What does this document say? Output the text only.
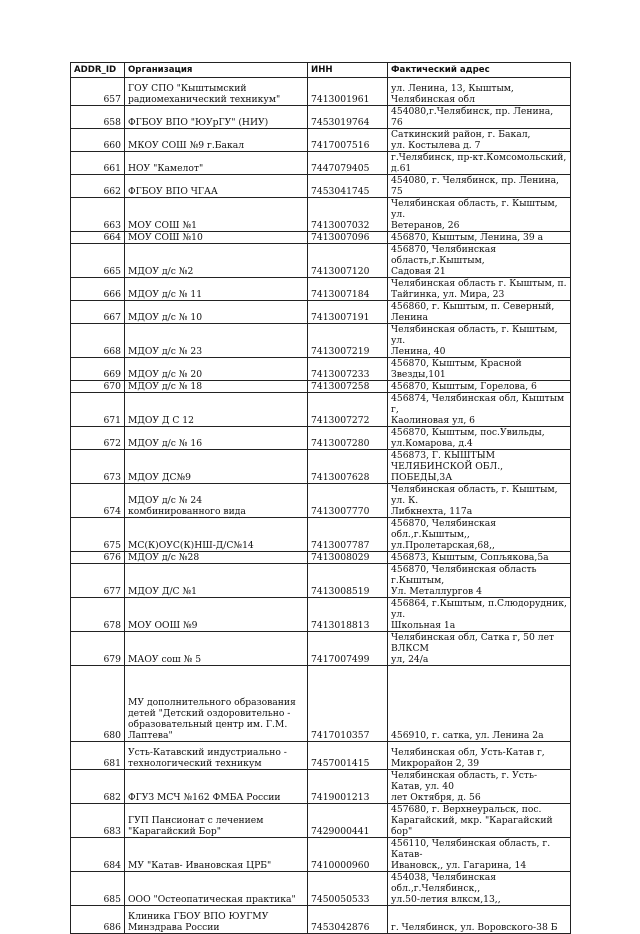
ADDR_ID	Организация	ИНН	Фактический адрес

657	ГОУ СПО "Кыштымский
радиомеханический техникум"	7413001961	ул. Ленина, 13, Кыштым, Челябинская обл

658	ФГБОУ ВПО "ЮУрГУ" (НИУ)	7453019764	454080,г.Челябинск, пр. Ленина, 76

660	МКОУ СОШ №9 г.Бакал	7417007516	Саткинский район, г. Бакал,
ул. Костылева д. 7

661	НОУ "Камелот"	7447079405	г.Челябинск, пр-кт.Комсомольский, д.61

662	ФГБОУ ВПО ЧГАА	7453041745	454080, г. Челябинск, пр. Ленина, 75

663	МОУ СОШ №1	7413007032	Челябинская область, г. Кыштым, ул.
Ветеранов, 26

664	МОУ СОШ №10	7413007096	456870, Кыштым, Ленина, 39 а

665	МДОУ д/с №2	7413007120	456870, Челябинская область,г.Кыштым,
Садовая 21

666	МДОУ д/с № 11	7413007184	Челябинская область г. Кыштым, п.
Тайгинка, ул. Мира, 23

667	МДОУ д/с № 10	7413007191	456860, г. Кыштым, п. Северный, Ленина

668	МДОУ д/с № 23	7413007219	Челябинская область, г. Кыштым, ул.
Ленина, 40

669	МДОУ д/с № 20	7413007233	456870, Кыштым, Красной Звезды,101

670	МДОУ д/с № 18	7413007258	456870, Кыштым, Горелова, 6

671	МДОУ Д С 12	7413007272	456874, Челябинская обл, Кыштым г,
Каолиновая ул, 6

672	МДОУ д/с № 16	7413007280	456870, Кыштым, пос.Увильды,
ул.Комарова, д.4

673	МДОУ ДС№9	7413007628	456873, Г. КЫШТЫМ ЧЕЛЯБИНСКОЙ ОБЛ.,
ПОБЕДЫ,3А

674	МДОУ д/с № 24
комбинированного вида	7413007770	Челябинская область, г. Кыштым, ул. К.
Либкнехта, 117а

675	МС(К)ОУС(К)НШ-Д/С№14	7413007787	456870, Челябинская обл.,г.Кыштым,,
ул.Пролетарская,68,,

676	МДОУ д/с №28	7413008029	456873, Кыштым, Сопљякова,5а

677	МДОУ Д/С №1	7413008519	456870, Челябинская область г.Кыштым,
Ул. Металлургов 4

678	МОУ ООШ №9	7413018813	456864, г.Кыштым, п.Слюдорудник, ул.
Школьная 1а

679	МАОУ сош № 5	7417007499	Челябинская обл, Сатка г, 50 лет ВЛКСМ
ул, 24/а

680	МУ дополнительного образования
детей "Детский оздоровительно -
образовательный центр им. Г.М.
Лаптева"	7417010357	456910, г. сатка, ул. Ленина 2а

681	Усть-Катавский индустриально -
технологический техникум	7457001415	Челябинская обл, Усть-Катав г,
Микрорайон 2, 39

682	ФГУЗ МСЧ №162 ФМБА России	7419001213	Челябинская область, г. Усть-Катав, ул. 40
лет Октября, д. 56

683	ГУП Пансионат с лечением
"Карагайский Бор"	7429000441	457680, г. Верхнеуральск, пос.
Карагайский, мкр. "Карагайский бор"

684	МУ "Катав- Ивановская ЦРБ"	7410000960	456110, Челябинская область, г. Катав-
Ивановск,, ул. Гагарина, 14

685	ООО "Остеопатическая практика"	7450050533	454038, Челябинская обл.,г.Челябинск,,
ул.50-летия влксм,13,,

686	Клиника ГБОУ ВПО ЮУГМУ
Минздрава России	7453042876	г. Челябинск, ул. Воровского-38 Б
